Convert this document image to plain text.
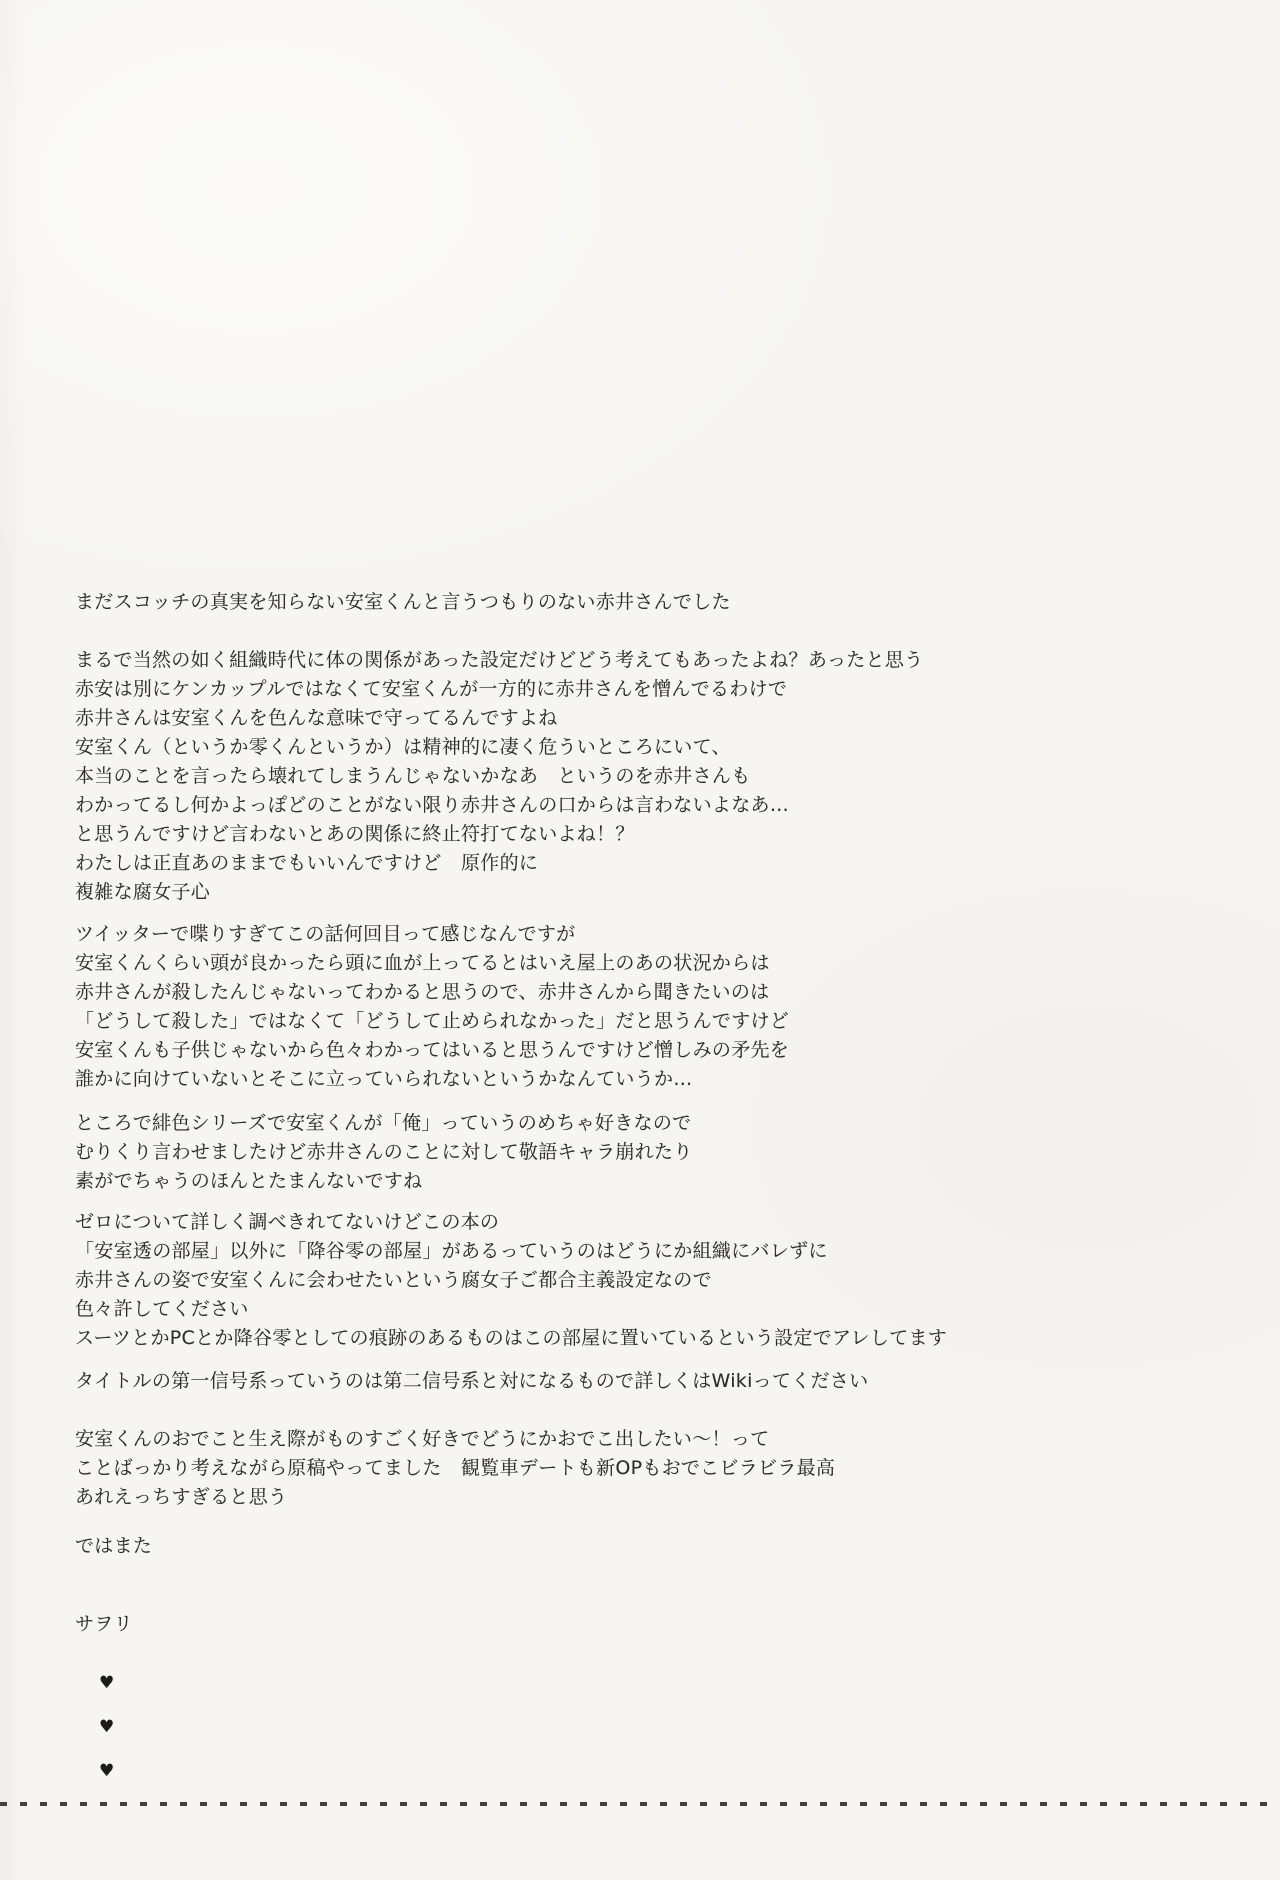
まだスコッチの真実を知らない安室くんと言うつもりのない赤井さんでした
まるで当然の如く組織時代に体の関係があった設定だけどどう考えてもあったよね？あったと思う
赤安は別にケンカップルではなくて安室くんが一方的に赤井さんを憎んでるわけで
赤井さんは安室くんを色んな意味で守ってるんですよね
安室くん（というか零くんというか）は精神的に凄く危ういところにいて、
本当のことを言ったら壊れてしまうんじゃないかなあ　というのを赤井さんも
わかってるし何かよっぽどのことがない限り赤井さんの口からは言わないよなあ…
と思うんですけど言わないとあの関係に終止符打てないよね！？
わたしは正直あのままでもいいんですけど　原作的に
複雑な腐女子心
ツイッターで喋りすぎてこの話何回目って感じなんですが
安室くんくらい頭が良かったら頭に血が上ってるとはいえ屋上のあの状況からは
赤井さんが殺したんじゃないってわかると思うので、赤井さんから聞きたいのは
「どうして殺した」ではなくて「どうして止められなかった」だと思うんですけど
安室くんも子供じゃないから色々わかってはいると思うんですけど憎しみの矛先を
誰かに向けていないとそこに立っていられないというかなんていうか…
ところで緋色シリーズで安室くんが「俺」っていうのめちゃ好きなので
むりくり言わせましたけど赤井さんのことに対して敬語キャラ崩れたり
素がでちゃうのほんとたまんないですね
ゼロについて詳しく調べきれてないけどこの本の
「安室透の部屋」以外に「降谷零の部屋」があるっていうのはどうにか組織にバレずに
赤井さんの姿で安室くんに会わせたいという腐女子ご都合主義設定なので
色々許してください
スーツとかPCとか降谷零としての痕跡のあるものはこの部屋に置いているという設定でアレしてます
タイトルの第一信号系っていうのは第二信号系と対になるもので詳しくはWikiってください
安室くんのおでこと生え際がものすごく好きでどうにかおでこ出したい〜！って
ことばっかり考えながら原稿やってました　観覧車デートも新OPもおでこビラビラ最高
あれえっちすぎると思う
ではまた
サヲリ
♥
♥
♥
